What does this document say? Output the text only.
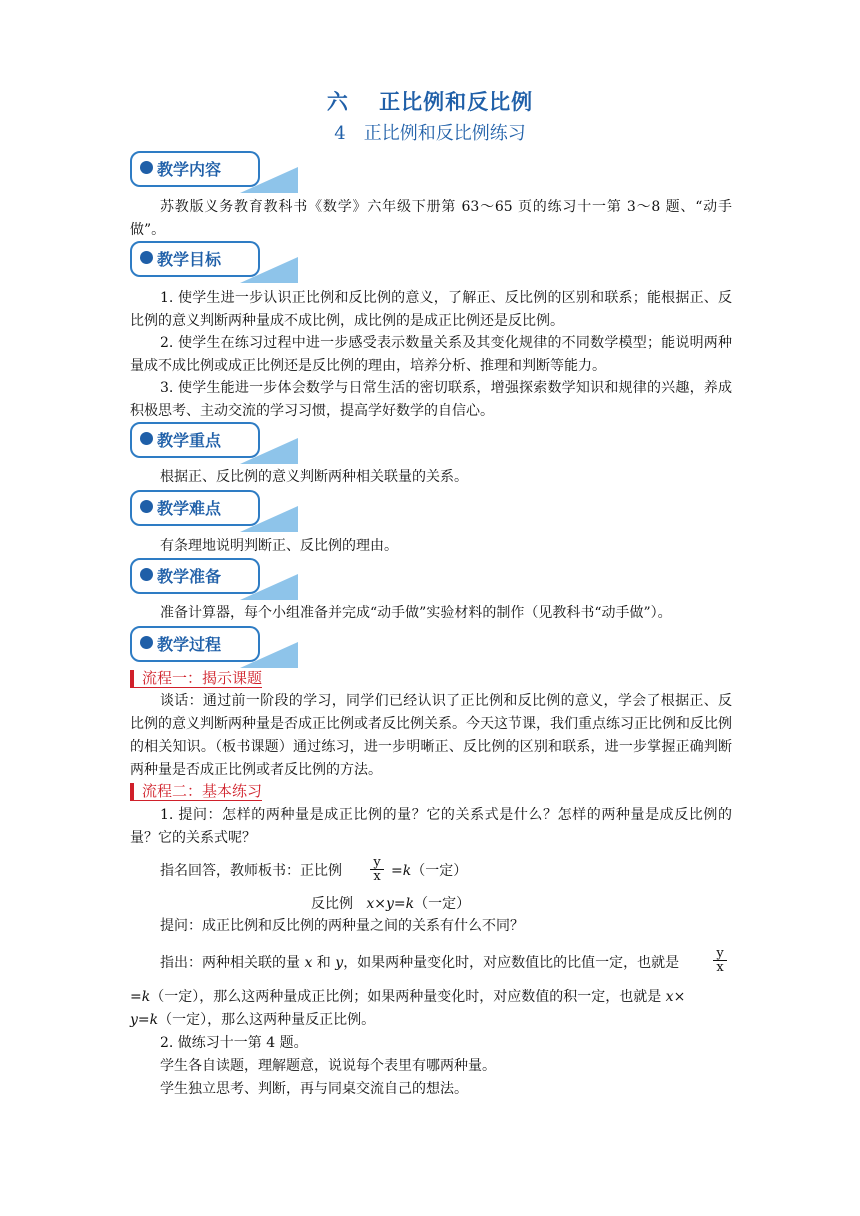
六　 正比例和反比例
4　正比例和反比例练习
教学内容
苏教版义务教育教科书《数学》六年级下册第 63～65 页的练习十一第 3～8 题、“动手做”。
教学目标
1. 使学生进一步认识正比例和反比例的意义，了解正、反比例的区别和联系；能根据正、反比例的意义判断两种量成不成比例，成比例的是成正比例还是反比例。
2. 使学生在练习过程中进一步感受表示数量关系及其变化规律的不同数学模型；能说明两种量成不成比例或成正比例还是反比例的理由，培养分析、推理和判断等能力。
3. 使学生能进一步体会数学与日常生活的密切联系，增强探索数学知识和规律的兴趣，养成积极思考、主动交流的学习习惯，提高学好数学的自信心。
教学重点
根据正、反比例的意义判断两种相关联量的关系。
教学难点
有条理地说明判断正、反比例的理由。
教学准备
准备计算器，每个小组准备并完成“动手做”实验材料的制作（见教科书“动手做”）。
教学过程
流程一：揭示课题
谈话：通过前一阶段的学习，同学们已经认识了正比例和反比例的意义，学会了根据正、反比例的意义判断两种量是否成正比例或者反比例关系。今天这节课，我们重点练习正比例和反比例的相关知识。（板书课题）通过练习，进一步明晰正、反比例的区别和联系，进一步掌握正确判断两种量是否成正比例或者反比例的方法。
流程二：基本练习
1. 提问：怎样的两种量是成正比例的量？它的关系式是什么？怎样的两种量是成反比例的量？它的关系式呢？
指名回答，教师板书：正比例 $\frac{y}{x} =k$（一定）
反比例 x×y=k（一定）
提问：成正比例和反比例的两种量之间的关系有什么不同？
指出：两种相关联的量 x 和 y，如果两种量变化时，对应数值比的比值一定，也就是	$\frac{y}{x}$
=k（一定），那么这两种量成正比例；如果两种量变化时，对应数值的积一定，也就是 x×
y=k（一定），那么这两种量反正比例。
2. 做练习十一第 4 题。
学生各自读题，理解题意，说说每个表里有哪两种量。
学生独立思考、判断，再与同桌交流自己的想法。
